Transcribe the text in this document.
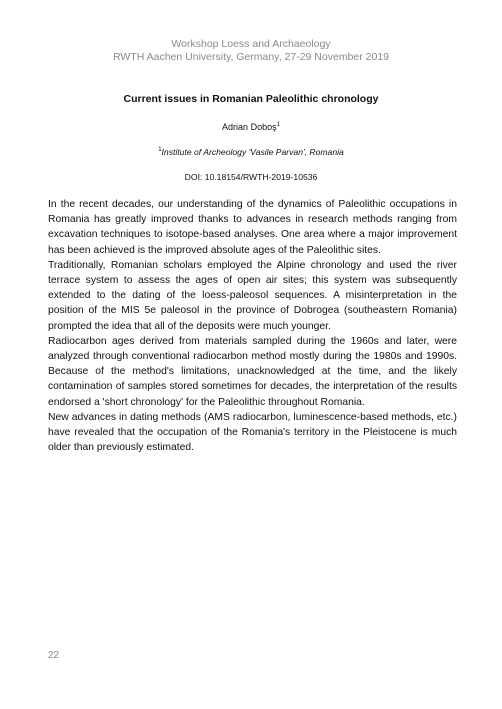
Workshop Loess and Archaeology
RWTH Aachen University, Germany, 27-29 November 2019
Current issues in Romanian Paleolithic chronology
Adrian Doboş$^1$
$^1$Institute of Archeology 'Vasile Parvan', Romania
DOI: 10.18154/RWTH-2019-10536

In the recent decades, our understanding of the dynamics of Paleolithic occupations in Romania has greatly improved thanks to advances in research methods ranging from excavation techniques to isotope-based analyses. One area where a major improvement has been achieved is the improved absolute ages of the Paleolithic sites.

Traditionally, Romanian scholars employed the Alpine chronology and used the river terrace system to assess the ages of open air sites; this system was subsequently extended to the dating of the loess-paleosol sequences. A misinterpretation in the position of the MIS 5e paleosol in the province of Dobrogea (southeastern Romania) prompted the idea that all of the deposits were much younger.

Radiocarbon ages derived from materials sampled during the 1960s and later, were analyzed through conventional radiocarbon method mostly during the 1980s and 1990s. Because of the method's limitations, unacknowledged at the time, and the likely contamination of samples stored sometimes for decades, the interpretation of the results endorsed a 'short chronology' for the Paleolithic throughout Romania.

New advances in dating methods (AMS radiocarbon, luminescence-based methods, etc.) have revealed that the occupation of the Romania's territory in the Pleistocene is much older than previously estimated.

22
